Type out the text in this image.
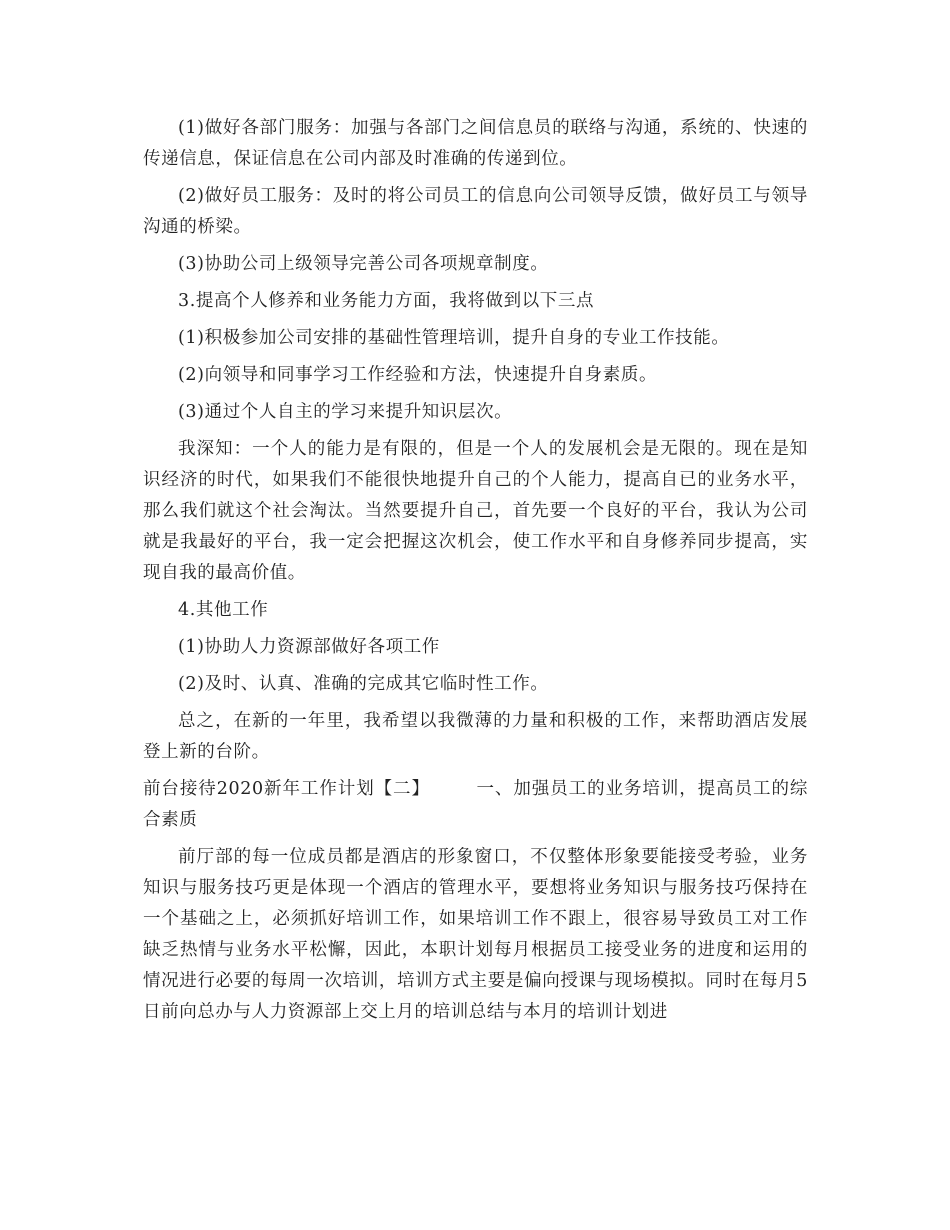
(1)做好各部门服务：加强与各部门之间信息员的联络与沟通，系统的、快速的传递信息，保证信息在公司内部及时准确的传递到位。

(2)做好员工服务：及时的将公司员工的信息向公司领导反馈，做好员工与领导沟通的桥梁。

(3)协助公司上级领导完善公司各项规章制度。

3.提高个人修养和业务能力方面，我将做到以下三点

(1)积极参加公司安排的基础性管理培训，提升自身的专业工作技能。

(2)向领导和同事学习工作经验和方法，快速提升自身素质。

(3)通过个人自主的学习来提升知识层次。

我深知：一个人的能力是有限的，但是一个人的发展机会是无限的。现在是知识经济的时代，如果我们不能很快地提升自己的个人能力，提高自已的业务水平，那么我们就这个社会淘汰。当然要提升自己，首先要一个良好的平台，我认为公司就是我最好的平台，我一定会把握这次机会，使工作水平和自身修养同步提高，实现自我的最高价值。

4.其他工作

(1)协助人力资源部做好各项工作

(2)及时、认真、准确的完成其它临时性工作。

总之，在新的一年里，我希望以我微薄的力量和积极的工作，来帮助酒店发展登上新的台阶。

前台接待2020新年工作计划【二】　　　一、加强员工的业务培训，提高员工的综合素质

前厅部的每一位成员都是酒店的形象窗口，不仅整体形象要能接受考验，业务知识与服务技巧更是体现一个酒店的管理水平，要想将业务知识与服务技巧保持在一个基础之上，必须抓好培训工作，如果培训工作不跟上，很容易导致员工对工作缺乏热情与业务水平松懈，因此，本职计划每月根据员工接受业务的进度和运用的情况进行必要的每周一次培训，培训方式主要是偏向授课与现场模拟。同时在每月5日前向总办与人力资源部上交上月的培训总结与本月的培训计划进
